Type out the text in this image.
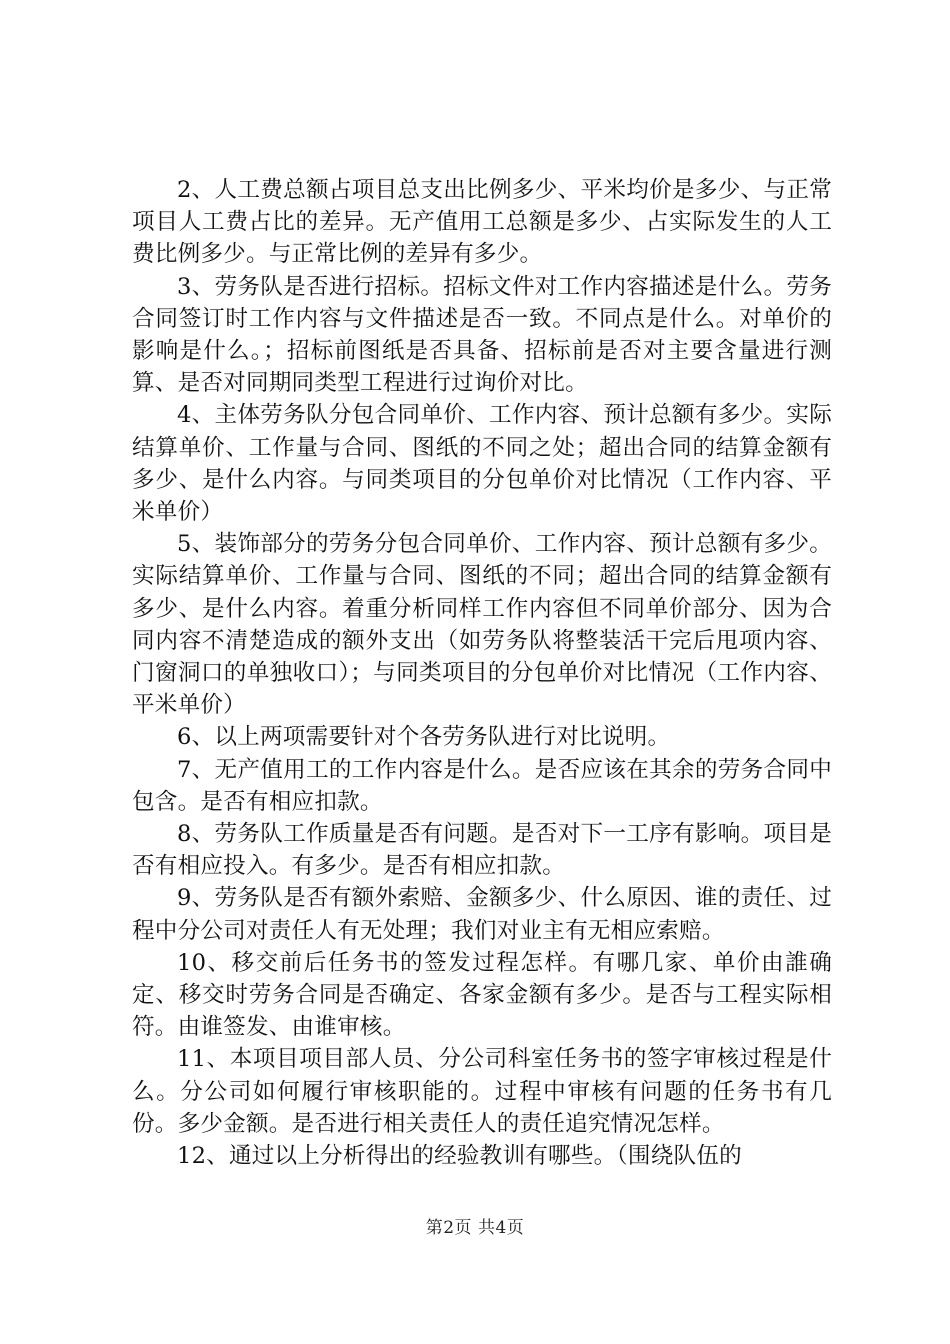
2、人工费总额占项目总支出比例多少、平米均价是多少、与正常项目人工费占比的差异。无产值用工总额是多少、占实际发生的人工费比例多少。与正常比例的差异有多少。

3、劳务队是否进行招标。招标文件对工作内容描述是什么。劳务合同签订时工作内容与文件描述是否一致。不同点是什么。对单价的影响是什么。；招标前图纸是否具备、招标前是否对主要含量进行测算、是否对同期同类型工程进行过询价对比。

4、主体劳务队分包合同单价、工作内容、预计总额有多少。实际结算单价、工作量与合同、图纸的不同之处；超出合同的结算金额有多少、是什么内容。与同类项目的分包单价对比情况（工作内容、平米单价）

5、装饰部分的劳务分包合同单价、工作内容、预计总额有多少。实际结算单价、工作量与合同、图纸的不同；超出合同的结算金额有多少、是什么内容。着重分析同样工作内容但不同单价部分、因为合同内容不清楚造成的额外支出（如劳务队将整装活干完后甩项内容、门窗洞口的单独收口）；与同类项目的分包单价对比情况（工作内容、平米单价）

6、以上两项需要针对个各劳务队进行对比说明。

7、无产值用工的工作内容是什么。是否应该在其余的劳务合同中包含。是否有相应扣款。

8、劳务队工作质量是否有问题。是否对下一工序有影响。项目是否有相应投入。有多少。是否有相应扣款。

9、劳务队是否有额外索赔、金额多少、什么原因、谁的责任、过程中分公司对责任人有无处理；我们对业主有无相应索赔。

10、移交前后任务书的签发过程怎样。有哪几家、单价由誰确定、移交时劳务合同是否确定、各家金额有多少。是否与工程实际相符。由谁签发、由谁审核。

11、本项目项目部人员、分公司科室任务书的签字审核过程是什么。分公司如何履行审核职能的。过程中审核有问题的任务书有几份。多少金额。是否进行相关责任人的责任追究情况怎样。

12、通过以上分析得出的经验教训有哪些。（围绕队伍的

第2页 共4页
